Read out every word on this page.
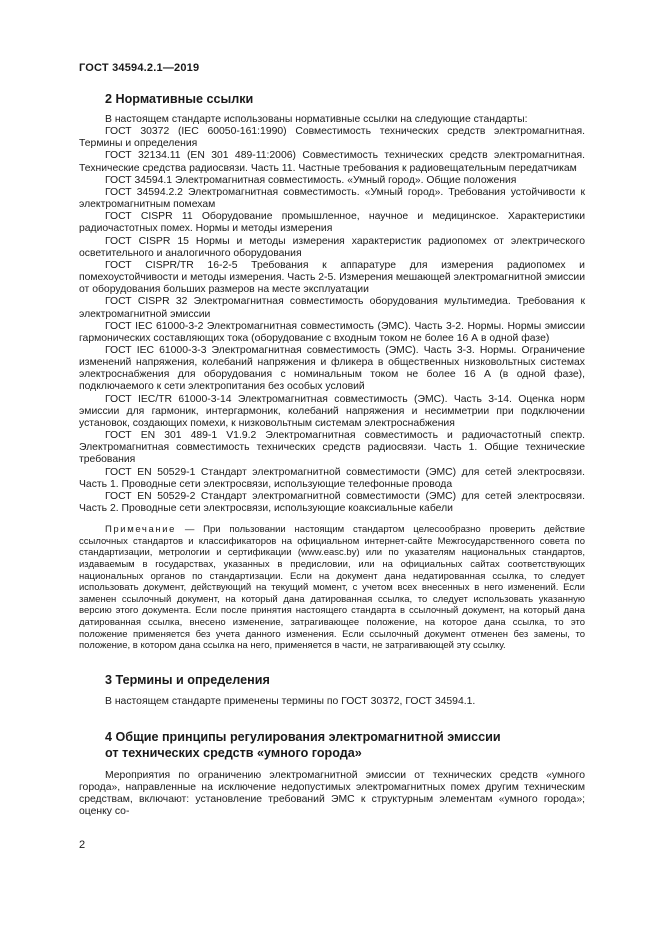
ГОСТ 34594.2.1—2019
2 Нормативные ссылки

В настоящем стандарте использованы нормативные ссылки на следующие стандарты:

ГОСТ 30372 (IEC 60050-161:1990) Совместимость технических средств электромагнитная. Термины и определения

ГОСТ 32134.11 (EN 301 489-11:2006) Совместимость технических средств электромагнитная. Технические средства радиосвязи. Часть 11. Частные требования к радиовещательным передатчикам

ГОСТ 34594.1 Электромагнитная совместимость. «Умный город». Общие положения

ГОСТ 34594.2.2 Электромагнитная совместимость. «Умный город». Требования устойчивости к электромагнитным помехам

ГОСТ CISPR 11 Оборудование промышленное, научное и медицинское. Характеристики радиочастотных помех. Нормы и методы измерения

ГОСТ CISPR 15 Нормы и методы измерения характеристик радиопомех от электрического осветительного и аналогичного оборудования

ГОСТ CISPR/TR 16-2-5 Требования к аппаратуре для измерения радиопомех и помехоустойчивости и методы измерения. Часть 2-5. Измерения мешающей электромагнитной эмиссии от оборудования больших размеров на месте эксплуатации

ГОСТ CISPR 32 Электромагнитная совместимость оборудования мультимедиа. Требования к электромагнитной эмиссии

ГОСТ IEC 61000-3-2 Электромагнитная совместимость (ЭМС). Часть 3-2. Нормы. Нормы эмиссии гармонических составляющих тока (оборудование с входным током не более 16 А в одной фазе)

ГОСТ IEC 61000-3-3 Электромагнитная совместимость (ЭМС). Часть 3-3. Нормы. Ограничение изменений напряжения, колебаний напряжения и фликера в общественных низковольтных системах электроснабжения для оборудования с номинальным током не более 16 А (в одной фазе), подключаемого к сети электропитания без особых условий

ГОСТ IEC/TR 61000-3-14 Электромагнитная совместимость (ЭМС). Часть 3-14. Оценка норм эмиссии для гармоник, интергармоник, колебаний напряжения и несимметрии при подключении установок, создающих помехи, к низковольтным системам электроснабжения

ГОСТ EN 301 489-1 V1.9.2 Электромагнитная совместимость и радиочастотный спектр. Электромагнитная совместимость технических средств радиосвязи. Часть 1. Общие технические требования

ГОСТ EN 50529-1 Стандарт электромагнитной совместимости (ЭМС) для сетей электросвязи. Часть 1. Проводные сети электросвязи, использующие телефонные провода

ГОСТ EN 50529-2 Стандарт электромагнитной совместимости (ЭМС) для сетей электросвязи. Часть 2. Проводные сети электросвязи, использующие коаксиальные кабели

Примечание — При пользовании настоящим стандартом целесообразно проверить действие ссылочных стандартов и классификаторов на официальном интернет-сайте Межгосударственного совета по стандартизации, метрологии и сертификации (www.easc.by) или по указателям национальных стандартов, издаваемым в государствах, указанных в предисловии, или на официальных сайтах соответствующих национальных органов по стандартизации. Если на документ дана недатированная ссылка, то следует использовать документ, действующий на текущий момент, с учетом всех внесенных в него изменений. Если заменен ссылочный документ, на который дана датированная ссылка, то следует использовать указанную версию этого документа. Если после принятия настоящего стандарта в ссылочный документ, на который дана датированная ссылка, внесено изменение, затрагивающее положение, на которое дана ссылка, то это положение применяется без учета данного изменения. Если ссылочный документ отменен без замены, то положение, в котором дана ссылка на него, применяется в части, не затрагивающей эту ссылку.

3 Термины и определения

В настоящем стандарте применены термины по ГОСТ 30372, ГОСТ 34594.1.

4 Общие принципы регулирования электромагнитной эмиссии
от технических средств «умного города»

Мероприятия по ограничению электромагнитной эмиссии от технических средств «умного города», направленные на исключение недопустимых электромагнитных помех другим техническим средствам, включают: установление требований ЭМС к структурным элементам «умного города»; оценку со-

2
